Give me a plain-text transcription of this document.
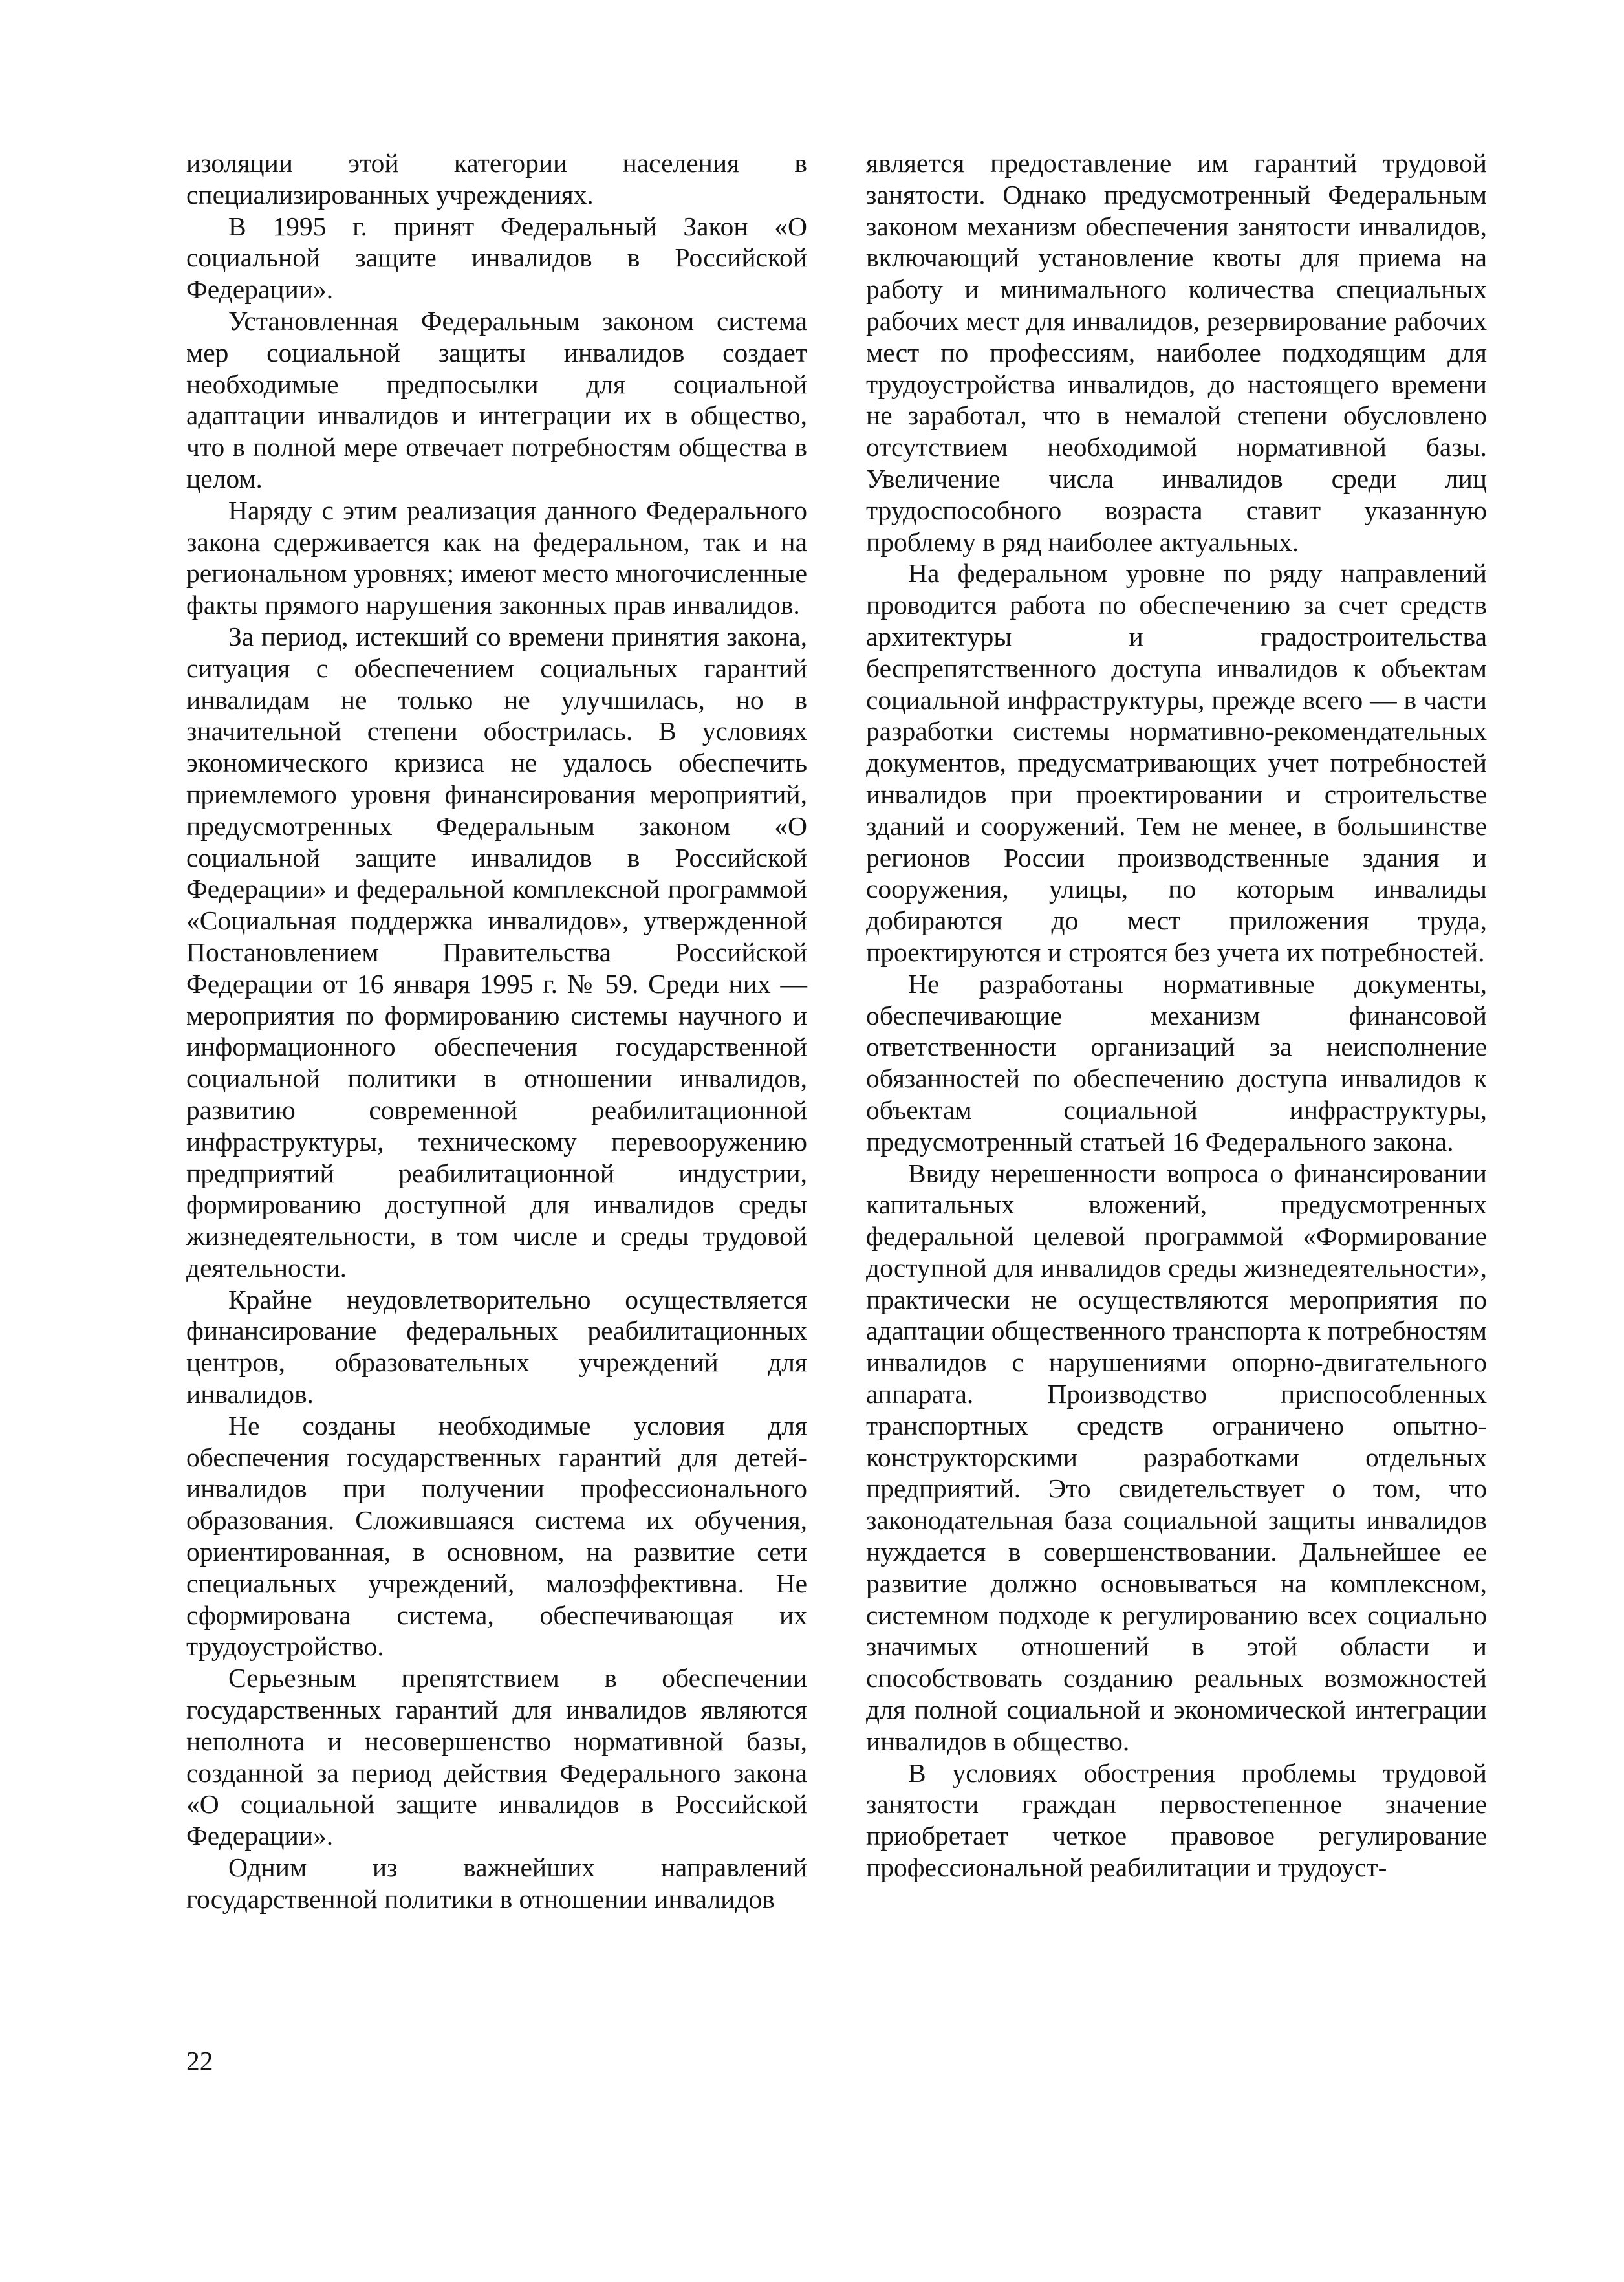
изоляции этой категории населения в специализированных учреждениях.

В 1995 г. принят Федеральный Закон «О социальной защите инвалидов в Российской Федерации».

Установленная Федеральным законом система мер социальной защиты инвалидов создает необходимые предпосылки для социальной адаптации инвалидов и интеграции их в общество, что в полной мере отвечает потребностям общества в целом.

Наряду с этим реализация данного Федерального закона сдерживается как на федеральном, так и на региональном уровнях; имеют место многочисленные факты прямого нарушения законных прав инвалидов.

За период, истекший со времени принятия закона, ситуация с обеспечением социальных гарантий инвалидам не только не улучшилась, но в значительной степени обострилась. В условиях экономического кризиса не удалось обеспечить приемлемого уровня финансирования мероприятий, предусмотренных Федеральным законом «О социальной защите инвалидов в Российской Федерации» и федеральной комплексной программой «Социальная поддержка инвалидов», утвержденной Постановлением Правительства Российской Федерации от 16 января 1995 г. № 59. Среди них — мероприятия по формированию системы научного и информационного обеспечения государственной социальной политики в отношении инвалидов, развитию современной реабилитационной инфраструктуры, техническому перевооружению предприятий реабилитационной индустрии, формированию доступной для инвалидов среды жизнедеятельности, в том числе и среды трудовой деятельности.

Крайне неудовлетворительно осуществляется финансирование федеральных реабилитационных центров, образовательных учреждений для инвалидов.

Не созданы необходимые условия для обеспечения государственных гарантий для детей-инвалидов при получении профессионального образования. Сложившаяся система их обучения, ориентированная, в основном, на развитие сети специальных учреждений, малоэффективна. Не сформирована система, обеспечивающая их трудоустройство.

Серьезным препятствием в обеспечении государственных гарантий для инвалидов являются неполнота и несовершенство нормативной базы, созданной за период действия Федерального закона «О социальной защите инвалидов в Российской Федерации».

Одним из важнейших направлений государственной политики в отношении инвалидов

является предоставление им гарантий трудовой занятости. Однако предусмотренный Федеральным законом механизм обеспечения занятости инвалидов, включающий установление квоты для приема на работу и минимального количества специальных рабочих мест для инвалидов, резервирование рабочих мест по профессиям, наиболее подходящим для трудоустройства инвалидов, до настоящего времени не заработал, что в немалой степени обусловлено отсутствием необходимой нормативной базы. Увеличение числа инвалидов среди лиц трудоспособного возраста ставит указанную проблему в ряд наиболее актуальных.

На федеральном уровне по ряду направлений проводится работа по обеспечению за счет средств архитектуры и градостроительства беспрепятственного доступа инвалидов к объектам социальной инфраструктуры, прежде всего — в части разработки системы нормативно-рекомендательных документов, предусматривающих учет потребностей инвалидов при проектировании и строительстве зданий и сооружений. Тем не менее, в большинстве регионов России производственные здания и сооружения, улицы, по которым инвалиды добираются до мест приложения труда, проектируются и строятся без учета их потребностей.

Не разработаны нормативные документы, обеспечивающие механизм финансовой ответственности организаций за неисполнение обязанностей по обеспечению доступа инвалидов к объектам социальной инфраструктуры, предусмотренный статьей 16 Федерального закона.

Ввиду нерешенности вопроса о финансировании капитальных вложений, предусмотренных федеральной целевой программой «Формирование доступной для инвалидов среды жизнедеятельности», практически не осуществляются мероприятия по адаптации общественного транспорта к потребностям инвалидов с нарушениями опорно-двигательного аппарата. Производство приспособленных транспортных средств ограничено опытно-конструкторскими разработками отдельных предприятий. Это свидетельствует о том, что законодательная база социальной защиты инвалидов нуждается в совершенствовании. Дальнейшее ее развитие должно основываться на комплексном, системном подходе к регулированию всех социально значимых отношений в этой области и способствовать созданию реальных возможностей для полной социальной и экономической интеграции инвалидов в общество.

В условиях обострения проблемы трудовой занятости граждан первостепенное значение приобретает четкое правовое регулирование профессиональной реабилитации и трудоуст-

22
